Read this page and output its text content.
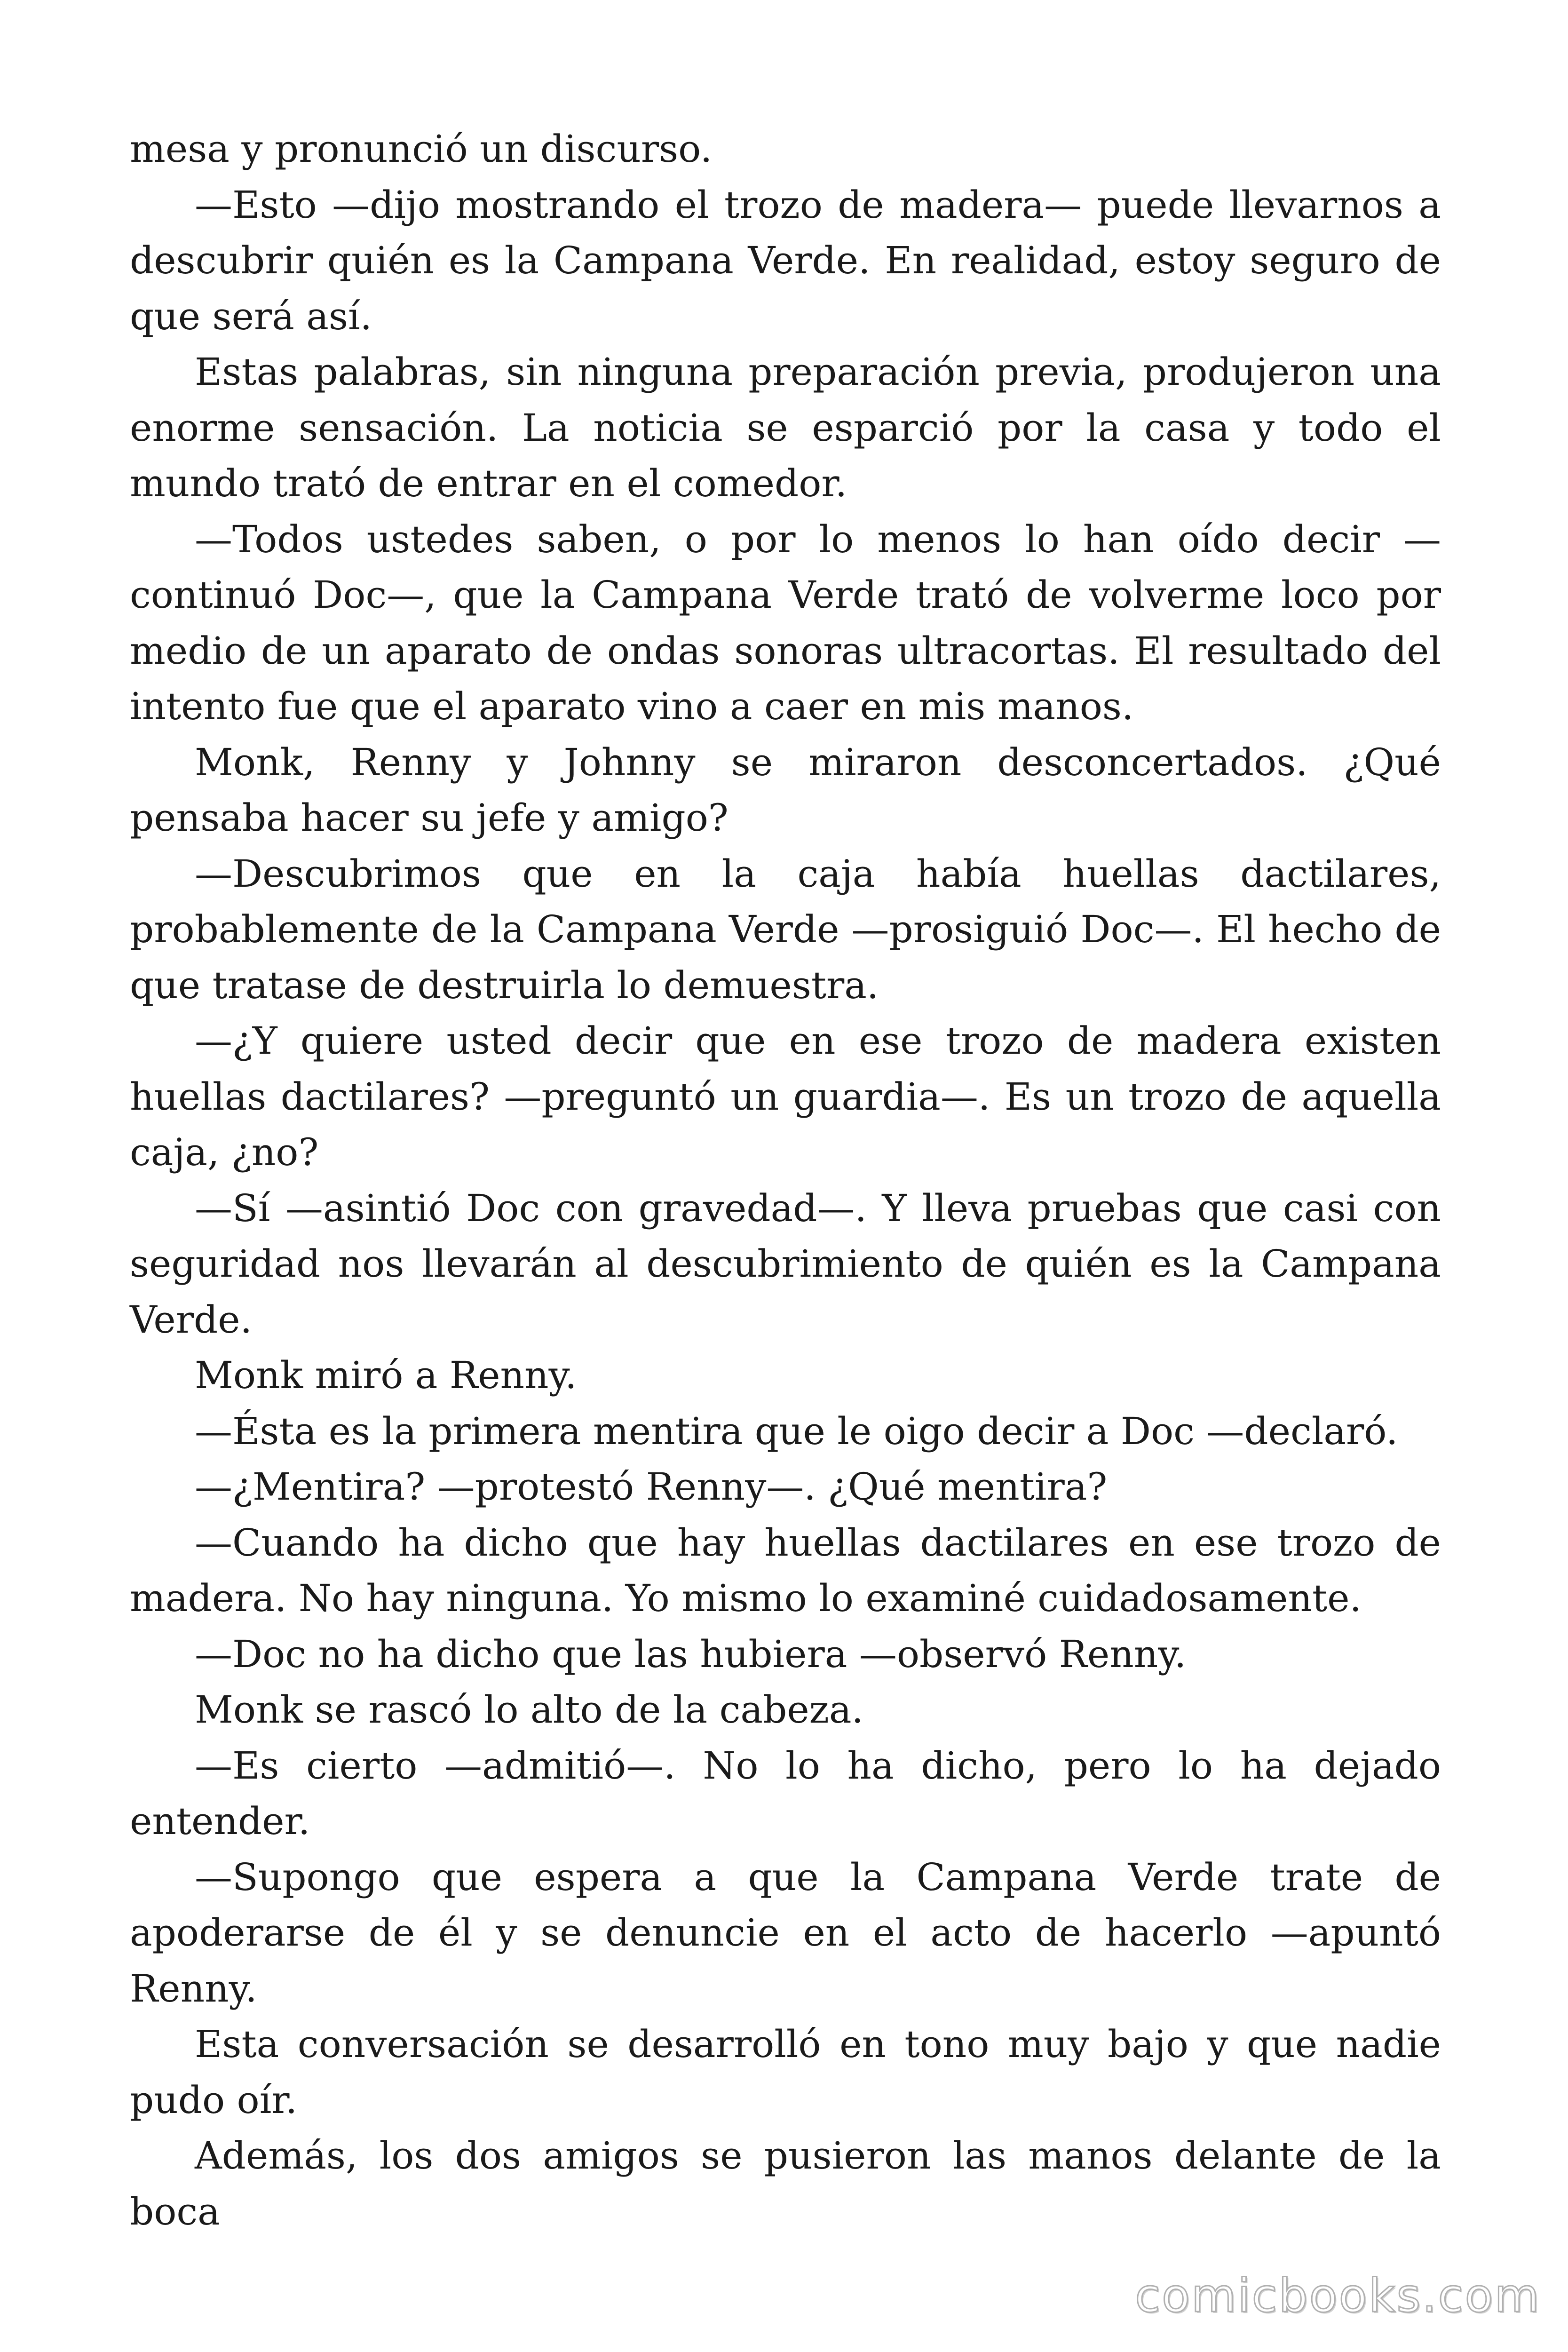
mesa y pronunció un discurso.

—Esto —dijo mostrando el trozo de madera— puede llevarnos a descubrir quién es la Campana Verde. En realidad, estoy seguro de que será así.

Estas palabras, sin ninguna preparación previa, produjeron una enorme sensación. La noticia se esparció por la casa y todo el mundo trató de entrar en el comedor.

—Todos ustedes saben, o por lo menos lo han oído decir —continuó Doc—, que la Campana Verde trató de volverme loco por medio de un aparato de ondas sonoras ultracortas. El resultado del intento fue que el aparato vino a caer en mis manos.

Monk, Renny y Johnny se miraron desconcertados. ¿Qué pensaba hacer su jefe y amigo?

—Descubrimos que en la caja había huellas dactilares, probablemente de la Campana Verde —prosiguió Doc—. El hecho de que tratase de destruirla lo demuestra.

—¿Y quiere usted decir que en ese trozo de madera existen huellas dactilares? —preguntó un guardia—. Es un trozo de aquella caja, ¿no?

—Sí —asintió Doc con gravedad—. Y lleva pruebas que casi con seguridad nos llevarán al descubrimiento de quién es la Campana Verde.

Monk miró a Renny.

—Ésta es la primera mentira que le oigo decir a Doc —declaró.

—¿Mentira? —protestó Renny—. ¿Qué mentira?

—Cuando ha dicho que hay huellas dactilares en ese trozo de madera. No hay ninguna. Yo mismo lo examiné cuidadosamente.

—Doc no ha dicho que las hubiera —observó Renny.

Monk se rascó lo alto de la cabeza.

—Es cierto —admitió—. No lo ha dicho, pero lo ha dejado entender.

—Supongo que espera a que la Campana Verde trate de apoderarse de él y se denuncie en el acto de hacerlo —apuntó Renny.

Esta conversación se desarrolló en tono muy bajo y que nadie pudo oír.

Además, los dos amigos se pusieron las manos delante de la boca

comicbooks.com
